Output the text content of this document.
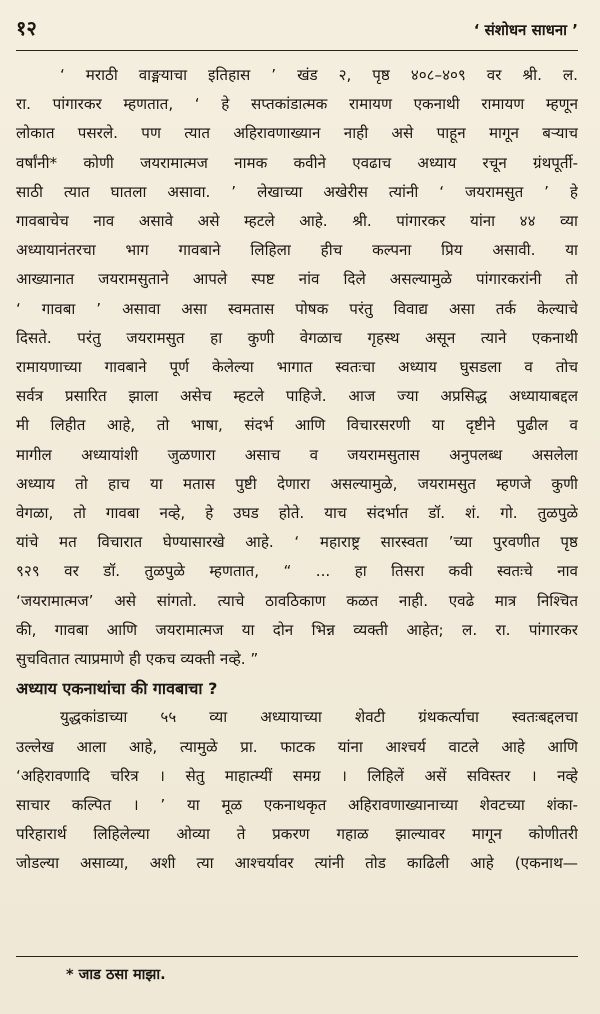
१२	‘ संशोधन साधना ’
‘ मराठी वाङ्मयाचा इतिहास ’ खंड २, पृष्ठ ४०८–४०९ वर श्री. ल.
रा. पांगारकर म्हणतात, ‘ हे सप्तकांडात्मक रामायण एकनाथी रामायण म्हणून
लोकात पसरले. पण त्यात अहिरावणाख्यान नाही असे पाहून मागून बऱ्याच
वर्षांनी* कोणी जयरामात्मज नामक कवीने एवढाच अध्याय रचून ग्रंथपूर्ती-
साठी त्यात घातला असावा. ’ लेखाच्या अखेरीस त्यांनी ‘ जयरामसुत ’ हे
गावबाचेच नाव असावे असे म्हटले आहे. श्री. पांगारकर यांना ४४ व्या
अध्यायानंतरचा भाग गावबाने लिहिला हीच कल्पना प्रिय असावी. या
आख्यानात जयरामसुताने आपले स्पष्ट नांव दिले असल्यामुळे पांगारकरांनी तो
‘ गावबा ’ असावा असा स्वमतास पोषक परंतु विवाद्य असा तर्क केल्याचे
दिसते. परंतु जयरामसुत हा कुणी वेगळाच गृहस्थ असून त्याने एकनाथी
रामायणाच्या गावबाने पूर्ण केलेल्या भागात स्वतःचा अध्याय घुसडला व तोच
सर्वत्र प्रसारित झाला असेच म्हटले पाहिजे. आज ज्या अप्रसिद्ध अध्यायाबद्दल
मी लिहीत आहे, तो भाषा, संदर्भ आणि विचारसरणी या दृष्टीने पुढील व
मागील अध्यायांशी जुळणारा असाच व जयरामसुतास अनुपलब्ध असलेला
अध्याय तो हाच या मतास पुष्टी देणारा असल्यामुळे, जयरामसुत म्हणजे कुणी
वेगळा, तो गावबा नव्हे, हे उघड होते. याच संदर्भात डॉ. शं. गो. तुळपुळे
यांचे मत विचारात घेण्यासारखे आहे. ‘ महाराष्ट्र सारस्वता ’च्या पुरवणीत पृष्ठ
९२९ वर डॉ. तुळपुळे म्हणतात, “ ... हा तिसरा कवी स्वतःचे नाव
‘जयरामात्मज’ असे सांगतो. त्याचे ठावठिकाण कळत नाही. एवढे मात्र निश्चित
की, गावबा आणि जयरामात्मज या दोन भिन्न व्यक्ती आहेत; ल. रा. पांगारकर
सुचवितात त्याप्रमाणे ही एकच व्यक्ती नव्हे. ”
अध्याय एकनाथांचा की गावबाचा ?
युद्धकांडाच्या ५५ व्या अध्यायाच्या शेवटी ग्रंथकर्त्याचा स्वतःबद्दलचा
उल्लेख आला आहे, त्यामुळे प्रा. फाटक यांना आश्चर्य वाटले आहे आणि
‘अहिरावणादि चरित्र । सेतु माहात्म्यीं समग्र । लिहिलें असें सविस्तर । नव्हे
साचार कल्पित । ’ या मूळ एकनाथकृत अहिरावणाख्यानाच्या शेवटच्या शंका-
परिहारार्थ लिहिलेल्या ओव्या ते प्रकरण गहाळ झाल्यावर मागून कोणीतरी
जोडल्या असाव्या, अशी त्या आश्चर्यावर त्यांनी तोड काढिली आहे (एकनाथ—
* जाड ठसा माझा.
